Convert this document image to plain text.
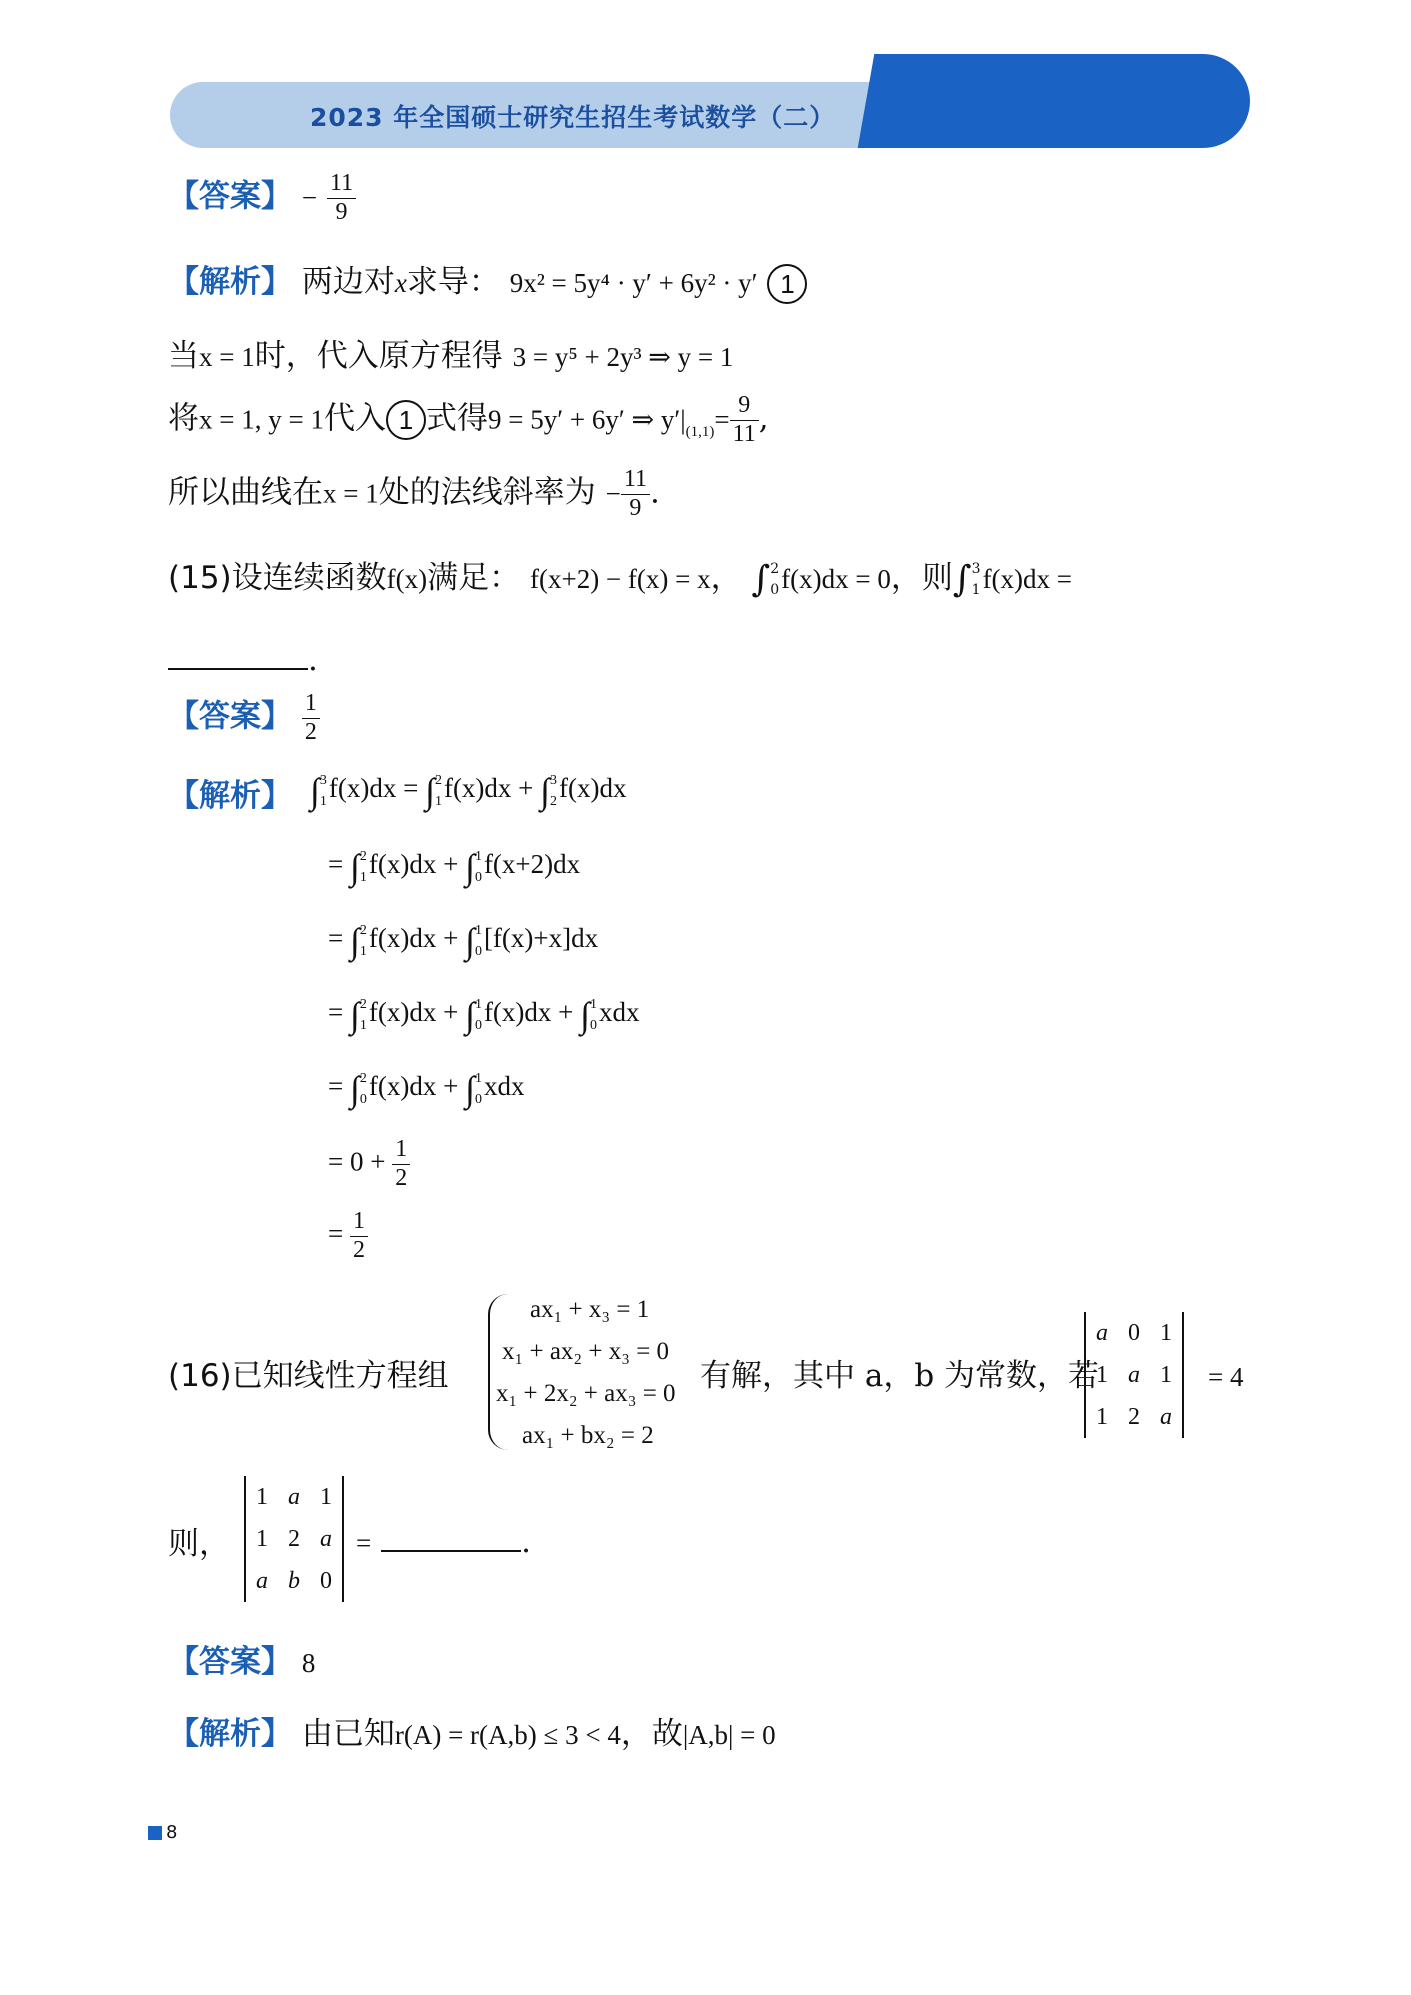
2023 年全国硕士研究生招生考试数学（二）
【答案】 − $\frac{11}{9}$
【解析】 两边对x求导： 9x² = 5y⁴ · y′ + 6y² · y′ 1
当x = 1时，代入原方程得 3 = y⁵ + 2y³ ⇒ y = 1
将x = 1, y = 1代入 1 式得9 = 5y′ + 6y′ ⇒ $y'|_{(1,1)}= \frac{9}{11}$ ,
所以曲线在x = 1处的法线斜率为 − $\frac{11}{9}$ .
(15)设连续函数f(x)满足： f(x+2) − f(x) = x， ∫ 2
0 f(x)dx = 0，则∫ 3
1 f(x)dx =
.
【答案】 $\frac{1}{2}$
【解析】 ∫ 3
1 f(x)dx = ∫ 2
1 f(x)dx + ∫ 3
2 f(x)dx
= ∫ 2
1 f(x)dx + ∫ 1
0 f(x+2)dx
= ∫ 2
1 f(x)dx + ∫ 1
0 [f(x)+x]dx
= ∫ 2
1 f(x)dx + ∫ 1
0 f(x)dx + ∫ 1
0 xdx
= ∫ 2
0 f(x)dx + ∫ 1
0 xdx
= $0 + \frac{1}{2}$
= $\frac{1}{2}$
(16)已知线性方程组
ax₁ + x₃ = 1
x₁ + ax₂ + x₃ = 0
x₁ + 2x₂ + ax₃ = 0
ax₁ + bx₂ = 2
有解，其中 a，b 为常数，若
a	0	1
1	a	1
1	2	a
= 4
则，
1	a	1
1	2	a
a	b	0
=	.
【答案】 8
【解析】 由已知r(A) = r(A,b) ≤ 3 < 4，故|A,b| = 0
8
